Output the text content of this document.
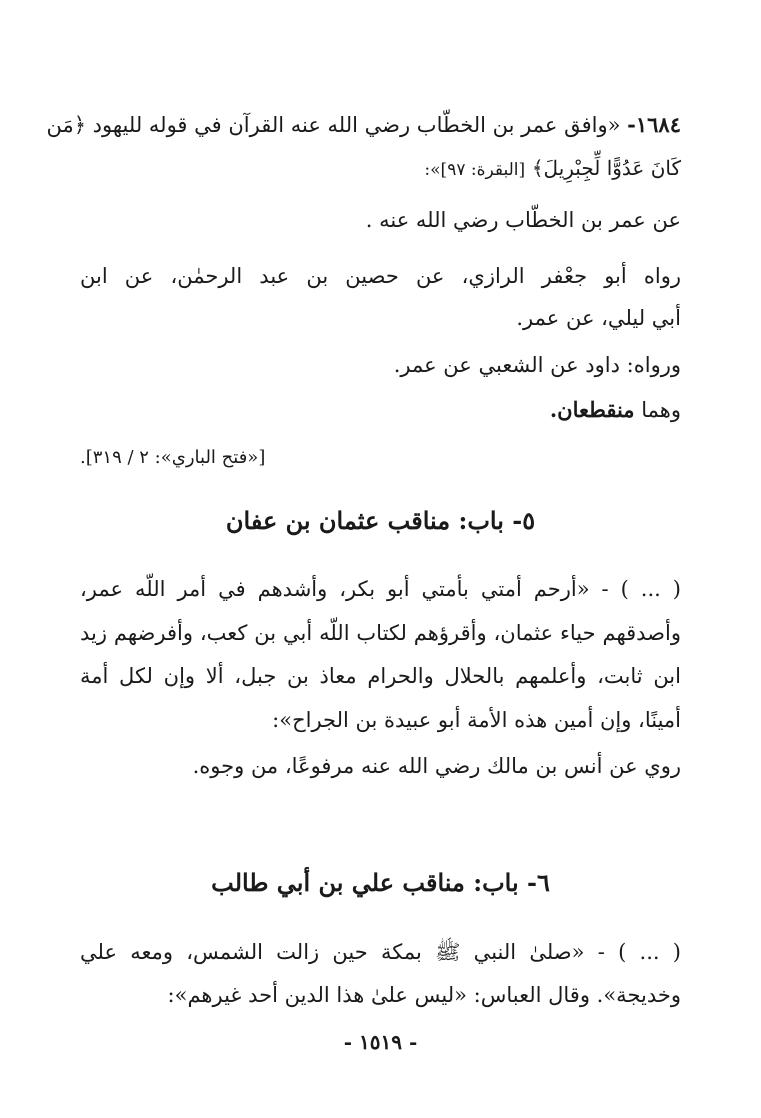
١٦٨٤- «وافق عمر بن الخطّاب رضي الله عنه القرآن في قوله لليهود ﴿مَن
كَانَ عَدُوًّا لِّجِبْرِيلَ﴾ [البقرة: ٩٧]»:
عن عمر بن الخطّاب رضي الله عنه .
رواه أبو جعْفر الرازي، عن حصين بن عبد الرحمٰن، عن ابن
أبي ليلي، عن عمر.
ورواه: داود عن الشعبي عن عمر.
وهما منقطعان.
[«فتح الباري»: ٢ / ٣١٩].
٥- باب: مناقب عثمان بن عفان
( ... ) - «أرحم أمتي بأمتي أبو بكر، وأشدهم في أمر اللّه عمر،
وأصدقهم حياء عثمان، وأقرؤهم لكتاب اللّه أبي بن كعب، وأفرضهم زيد
ابن ثابت، وأعلمهم بالحلال والحرام معاذ بن جبل، ألا وإن لكل أمة
أمينًا، وإن أمين هذه الأمة أبو عبيدة بن الجراح»:
روي عن أنس بن مالك رضي الله عنه مرفوعًا، من وجوه.
٦- باب: مناقب علي بن أبي طالب
( ... ) - «صلىٰ النبي ﷺ بمكة حين زالت الشمس، ومعه علي
وخديجة». وقال العباس: «ليس علىٰ هذا الدين أحد غيرهم»:
- ١٥١٩ -
